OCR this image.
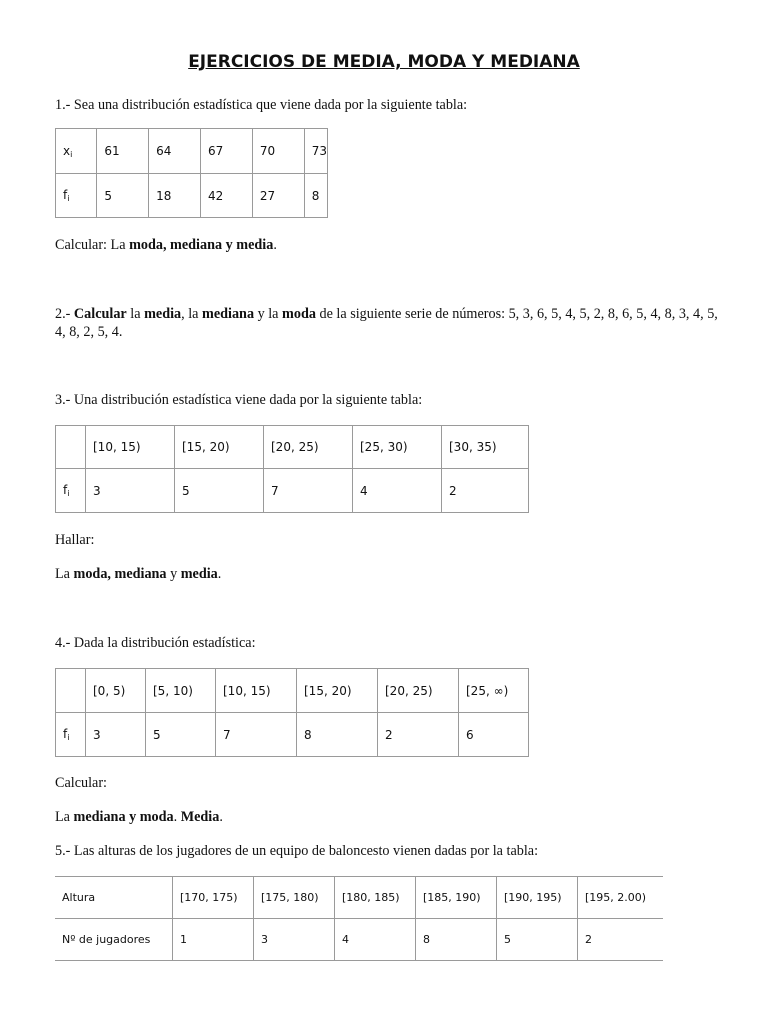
EJERCICIOS DE MEDIA, MODA Y MEDIANA
1.- Sea una distribución estadística que viene dada por la siguiente tabla:
$x_i$	61	64	67	70	73
$f_i$	5	18	42	27	8
Calcular: La moda, mediana y media.
2.- Calcular la media, la mediana y la moda de la siguiente serie de números: 5, 3, 6, 5, 4, 5, 2, 8, 6, 5, 4, 8, 3, 4, 5, 4, 8, 2, 5, 4.
3.- Una distribución estadística viene dada por la siguiente tabla:
	[10, 15)	[15, 20)	[20, 25)	[25, 30)	[30, 35)
$f_i$	3	5	7	4	2
Hallar:
La moda, mediana y media.
4.- Dada la distribución estadística:
	[0, 5)	[5, 10)	[10, 15)	[15, 20)	[20, 25)	[25, ∞)
$f_i$	3	5	7	8	2	6
Calcular:
La mediana y moda. Media.
5.- Las alturas de los jugadores de un equipo de baloncesto vienen dadas por la tabla:
Altura	[170, 175)	[175, 180)	[180, 185)	[185, 190)	[190, 195)	[195, 2.00)
Nº de jugadores	1	3	4	8	5	2
